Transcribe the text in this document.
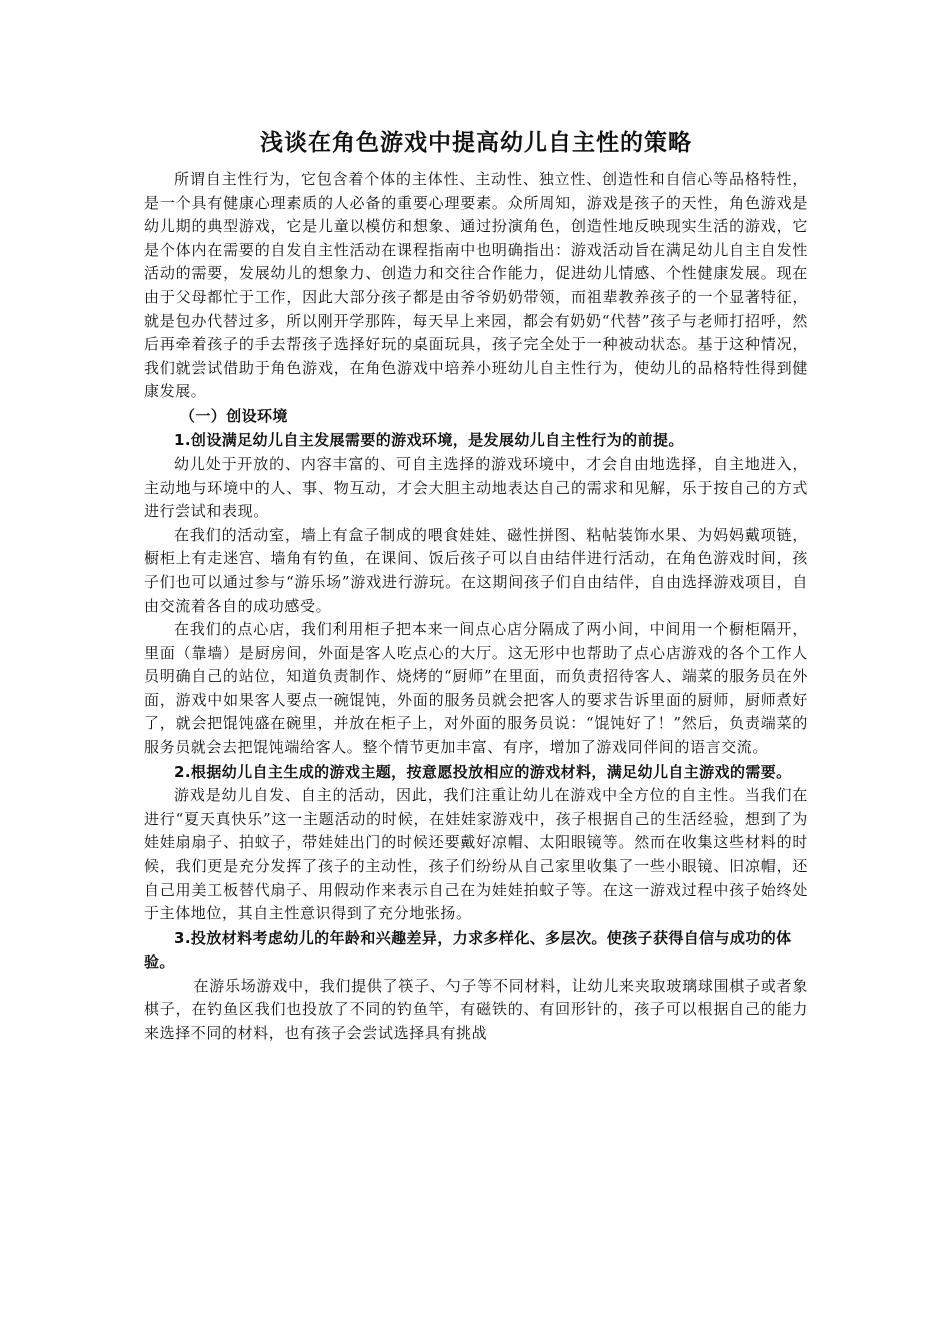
浅谈在角色游戏中提高幼儿自主性的策略

所谓自主性行为，它包含着个体的主体性、主动性、独立性、创造性和自信心等品格特性，是一个具有健康心理素质的人必备的重要心理要素。众所周知，游戏是孩子的天性，角色游戏是幼儿期的典型游戏，它是儿童以模仿和想象、通过扮演角色，创造性地反映现实生活的游戏，它是个体内在需要的自发自主性活动在课程指南中也明确指出：游戏活动旨在满足幼儿自主自发性活动的需要，发展幼儿的想象力、创造力和交往合作能力，促进幼儿情感、个性健康发展。现在由于父母都忙于工作，因此大部分孩子都是由爷爷奶奶带领，而祖辈教养孩子的一个显著特征，就是包办代替过多，所以刚开学那阵，每天早上来园，都会有奶奶“代替”孩子与老师打招呼，然后再牵着孩子的手去帮孩子选择好玩的桌面玩具，孩子完全处于一种被动状态。基于这种情况，我们就尝试借助于角色游戏，在角色游戏中培养小班幼儿自主性行为，使幼儿的品格特性得到健康发展。

（一）创设环境

1.创设满足幼儿自主发展需要的游戏环境，是发展幼儿自主性行为的前提。

幼儿处于开放的、内容丰富的、可自主选择的游戏环境中，才会自由地选择，自主地进入，主动地与环境中的人、事、物互动，才会大胆主动地表达自己的需求和见解，乐于按自己的方式进行尝试和表现。

在我们的活动室，墙上有盒子制成的喂食娃娃、磁性拼图、粘帖装饰水果、为妈妈戴项链，橱柜上有走迷宫、墙角有钓鱼，在课间、饭后孩子可以自由结伴进行活动，在角色游戏时间，孩子们也可以通过参与“游乐场”游戏进行游玩。在这期间孩子们自由结伴，自由选择游戏项目，自由交流着各自的成功感受。

在我们的点心店，我们利用柜子把本来一间点心店分隔成了两小间，中间用一个橱柜隔开，里面（靠墙）是厨房间，外面是客人吃点心的大厅。这无形中也帮助了点心店游戏的各个工作人员明确自己的站位，知道负责制作、烧烤的“厨师”在里面，而负责招待客人、端菜的服务员在外面，游戏中如果客人要点一碗馄饨，外面的服务员就会把客人的要求告诉里面的厨师，厨师煮好了，就会把馄饨盛在碗里，并放在柜子上，对外面的服务员说：“馄饨好了！”然后，负责端菜的服务员就会去把馄饨端给客人。整个情节更加丰富、有序，增加了游戏同伴间的语言交流。

2.根据幼儿自主生成的游戏主题，按意愿投放相应的游戏材料，满足幼儿自主游戏的需要。

游戏是幼儿自发、自主的活动，因此，我们注重让幼儿在游戏中全方位的自主性。当我们在进行“夏天真快乐”这一主题活动的时候，在娃娃家游戏中，孩子根据自己的生活经验，想到了为娃娃扇扇子、拍蚊子，带娃娃出门的时候还要戴好凉帽、太阳眼镜等。然而在收集这些材料的时候，我们更是充分发挥了孩子的主动性，孩子们纷纷从自己家里收集了一些小眼镜、旧凉帽，还自己用美工板替代扇子、用假动作来表示自己在为娃娃拍蚊子等。在这一游戏过程中孩子始终处于主体地位，其自主性意识得到了充分地张扬。

3.投放材料考虑幼儿的年龄和兴趣差异，力求多样化、多层次。使孩子获得自信与成功的体验。

在游乐场游戏中，我们提供了筷子、勺子等不同材料，让幼儿来夹取玻璃球围棋子或者象棋子，在钓鱼区我们也投放了不同的钓鱼竿，有磁铁的、有回形针的，孩子可以根据自己的能力来选择不同的材料，也有孩子会尝试选择具有挑战
